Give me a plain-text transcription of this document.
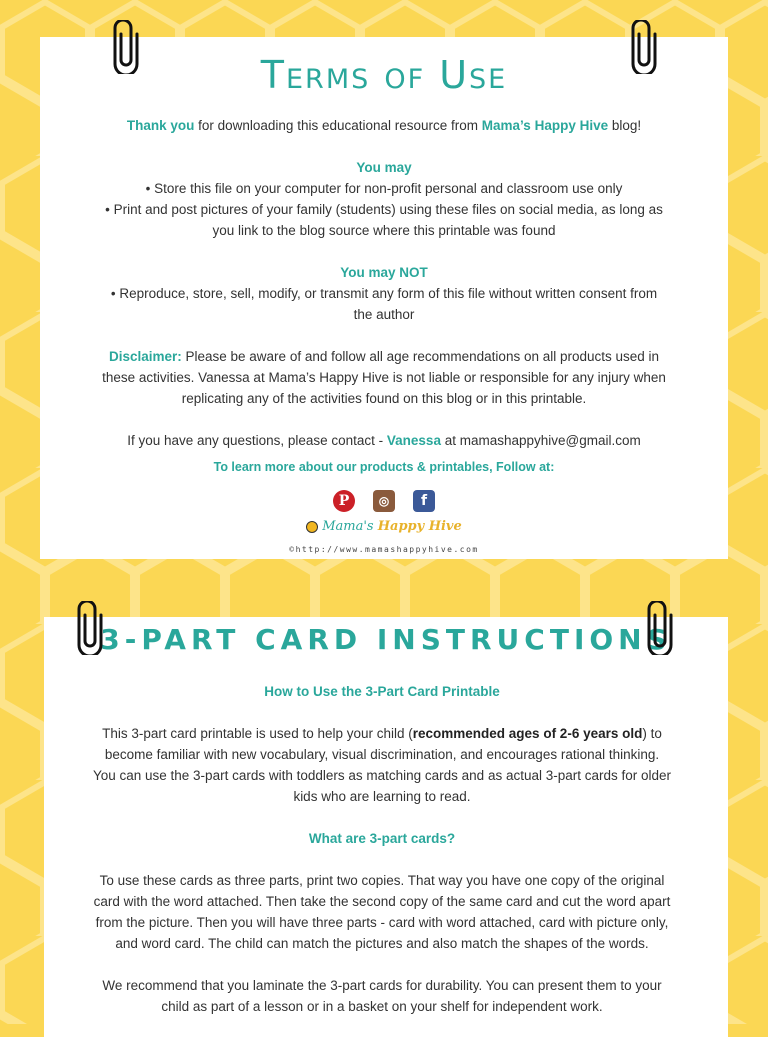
Terms of Use
Thank you for downloading this educational resource from Mama’s Happy Hive blog!
You may
• Store this file on your computer for non-profit personal and classroom use only
• Print and post pictures of your family (students) using these files on social media, as long as you link to the blog source where this printable was found
You may NOT
• Reproduce, store, sell, modify, or transmit any form of this file without written consent from the author
Disclaimer: Please be aware of and follow all age recommendations on all products used in these activities. Vanessa at Mama’s Happy Hive is not liable or responsible for any injury when replicating any of the activities found on this blog or in this printable.
If you have any questions, please contact - Vanessa at mamashappyhive@gmail.com
To learn more about our products & printables, Follow at:
P	◎	f
Mama's Happy Hive
©http://www.mamashappyhive.com
3-PART CARD INSTRUCTIONS
How to Use the 3-Part Card Printable
This 3-part card printable is used to help your child (recommended ages of 2-6 years old) to become familiar with new vocabulary, visual discrimination, and encourages rational thinking. You can use the 3-part cards with toddlers as matching cards and as actual 3-part cards for older kids who are learning to read.
What are 3-part cards?
To use these cards as three parts, print two copies. That way you have one copy of the original card with the word attached. Then take the second copy of the same card and cut the word apart from the picture. Then you will have three parts - card with word attached, card with picture only, and word card. The child can match the pictures and also match the shapes of the words.
We recommend that you laminate the 3-part cards for durability. You can present them to your child as part of a lesson or in a basket on your shelf for independent work.
